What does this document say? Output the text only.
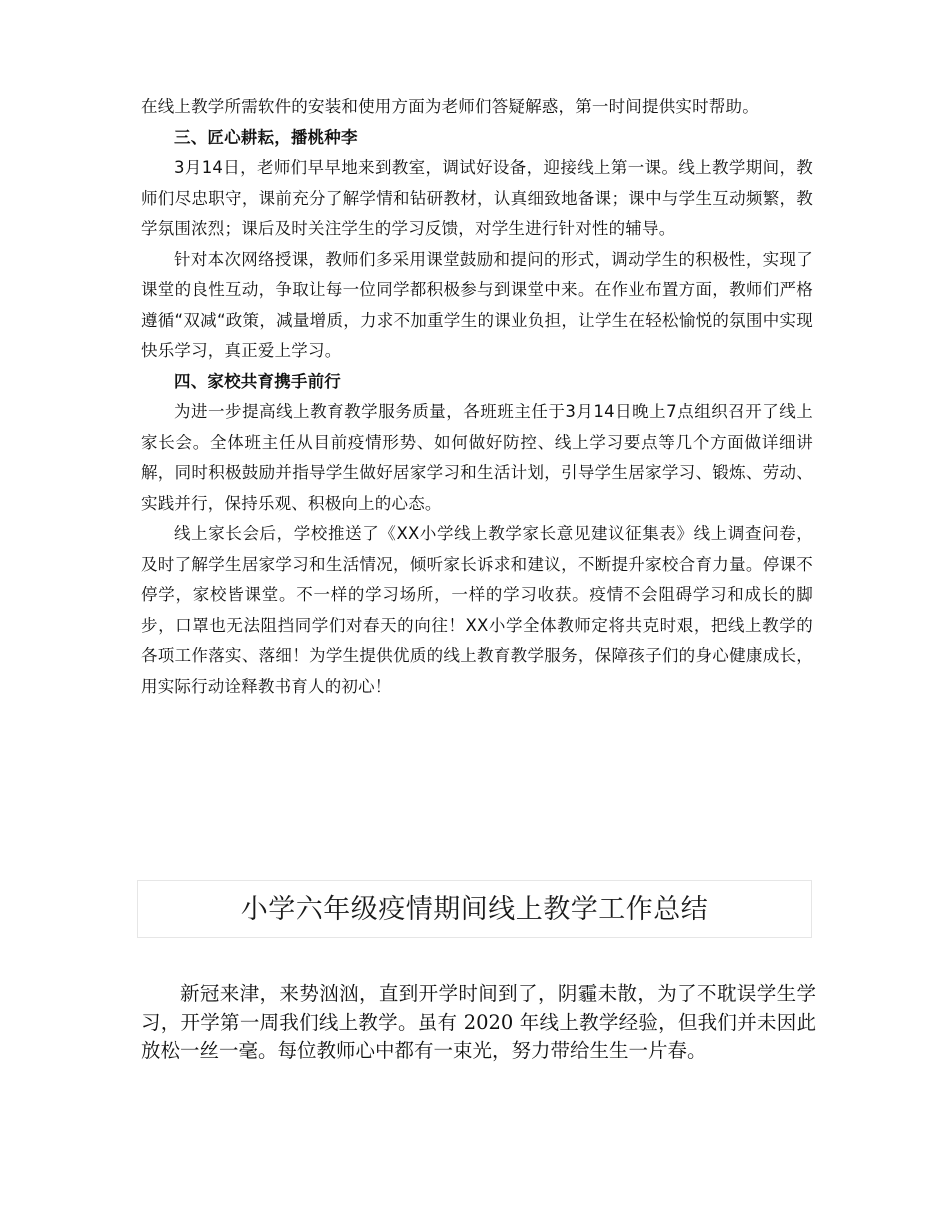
在线上教学所需软件的安装和使用方面为老师们答疑解惑，第一时间提供实时帮助。

三、匠心耕耘，播桃种李

3月14日，老师们早早地来到教室，调试好设备，迎接线上第一课。线上教学期间，教师们尽忠职守，课前充分了解学情和钻研教材，认真细致地备课；课中与学生互动频繁，教学氛围浓烈；课后及时关注学生的学习反馈，对学生进行针对性的辅导。

针对本次网络授课，教师们多采用课堂鼓励和提问的形式，调动学生的积极性，实现了课堂的良性互动，争取让每一位同学都积极参与到课堂中来。在作业布置方面，教师们严格遵循“双减“政策，减量增质，力求不加重学生的课业负担，让学生在轻松愉悦的氛围中实现快乐学习，真正爱上学习。

四、家校共育携手前行

为进一步提高线上教育教学服务质量，各班班主任于3月14日晚上7点组织召开了线上家长会。全体班主任从目前疫情形势、如何做好防控、线上学习要点等几个方面做详细讲解，同时积极鼓励并指导学生做好居家学习和生活计划，引导学生居家学习、锻炼、劳动、实践并行，保持乐观、积极向上的心态。

线上家长会后，学校推送了《XX小学线上教学家长意见建议征集表》线上调查问卷，及时了解学生居家学习和生活情况，倾听家长诉求和建议，不断提升家校合育力量。停课不停学，家校皆课堂。不一样的学习场所，一样的学习收获。疫情不会阻碍学习和成长的脚步，口罩也无法阻挡同学们对春天的向往！XX小学全体教师定将共克时艰，把线上教学的各项工作落实、落细！为学生提供优质的线上教育教学服务，保障孩子们的身心健康成长，用实际行动诠释教书育人的初心！

小学六年级疫情期间线上教学工作总结

新冠来津，来势汹汹，直到开学时间到了，阴霾未散，为了不耽误学生学习，开学第一周我们线上教学。虽有 2020 年线上教学经验，但我们并未因此放松一丝一毫。每位教师心中都有一束光，努力带给生生一片春。
